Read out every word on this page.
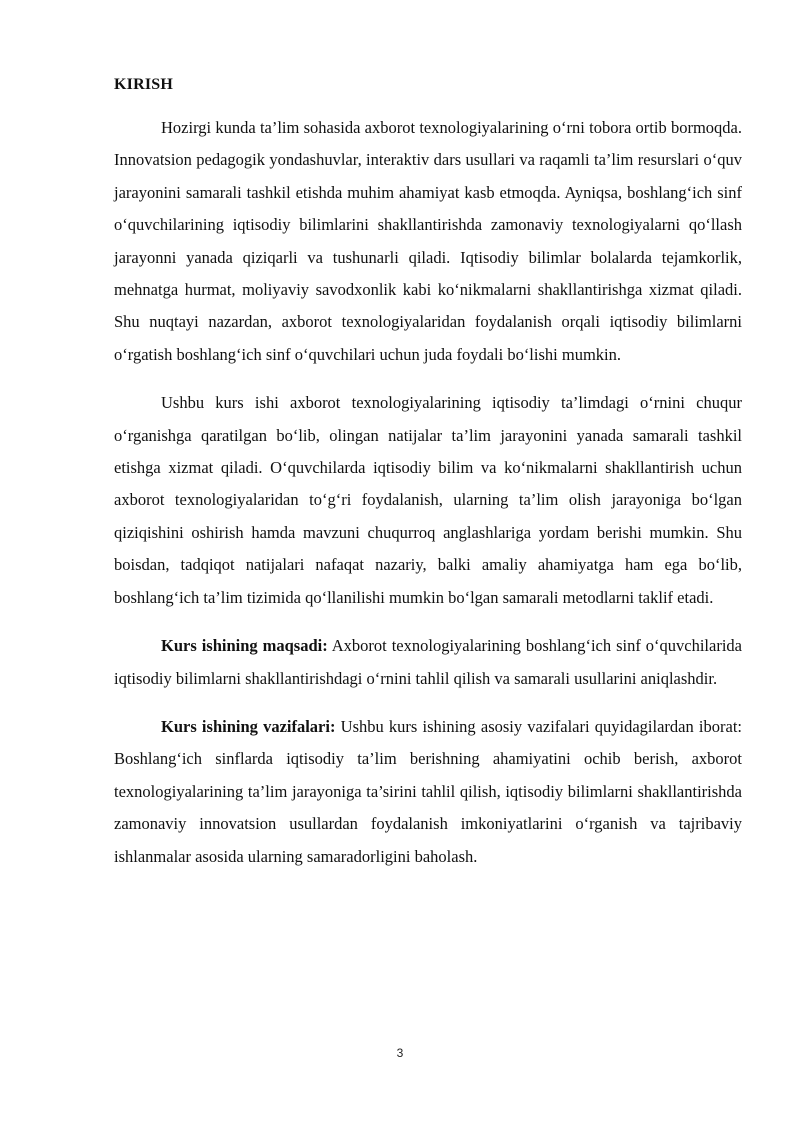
KIRISH

Hozirgi kunda ta’lim sohasida axborot texnologiyalarining o‘rni tobora ortib bormoqda. Innovatsion pedagogik yondashuvlar, interaktiv dars usullari va raqamli ta’lim resurslari o‘quv jarayonini samarali tashkil etishda muhim ahamiyat kasb etmoqda. Ayniqsa, boshlang‘ich sinf o‘quvchilarining iqtisodiy bilimlarini shakllantirishda zamonaviy texnologiyalarni qo‘llash jarayonni yanada qiziqarli va tushunarli qiladi. Iqtisodiy bilimlar bolalarda tejamkorlik, mehnatga hurmat, moliyaviy savodxonlik kabi ko‘nikmalarni shakllantirishga xizmat qiladi. Shu nuqtayi nazardan, axborot texnologiyalaridan foydalanish orqali iqtisodiy bilimlarni o‘rgatish boshlang‘ich sinf o‘quvchilari uchun juda foydali bo‘lishi mumkin.

Ushbu kurs ishi axborot texnologiyalarining iqtisodiy ta’limdagi o‘rnini chuqur o‘rganishga qaratilgan bo‘lib, olingan natijalar ta’lim jarayonini yanada samarali tashkil etishga xizmat qiladi. O‘quvchilarda iqtisodiy bilim va ko‘nikmalarni shakllantirish uchun axborot texnologiyalaridan to‘g‘ri foydalanish, ularning ta’lim olish jarayoniga bo‘lgan qiziqishini oshirish hamda mavzuni chuqurroq anglashlariga yordam berishi mumkin. Shu boisdan, tadqiqot natijalari nafaqat nazariy, balki amaliy ahamiyatga ham ega bo‘lib, boshlang‘ich ta’lim tizimida qo‘llanilishi mumkin bo‘lgan samarali metodlarni taklif etadi.

Kurs ishining maqsadi: Axborot texnologiyalarining boshlang‘ich sinf o‘quvchilarida iqtisodiy bilimlarni shakllantirishdagi o‘rnini tahlil qilish va samarali usullarini aniqlashdir.

Kurs ishining vazifalari: Ushbu kurs ishining asosiy vazifalari quyidagilardan iborat: Boshlang‘ich sinflarda iqtisodiy ta’lim berishning ahamiyatini ochib berish, axborot texnologiyalarining ta’lim jarayoniga ta’sirini tahlil qilish, iqtisodiy bilimlarni shakllantirishda zamonaviy innovatsion usullardan foydalanish imkoniyatlarini o‘rganish va tajribaviy ishlanmalar asosida ularning samaradorligini baholash.

3
